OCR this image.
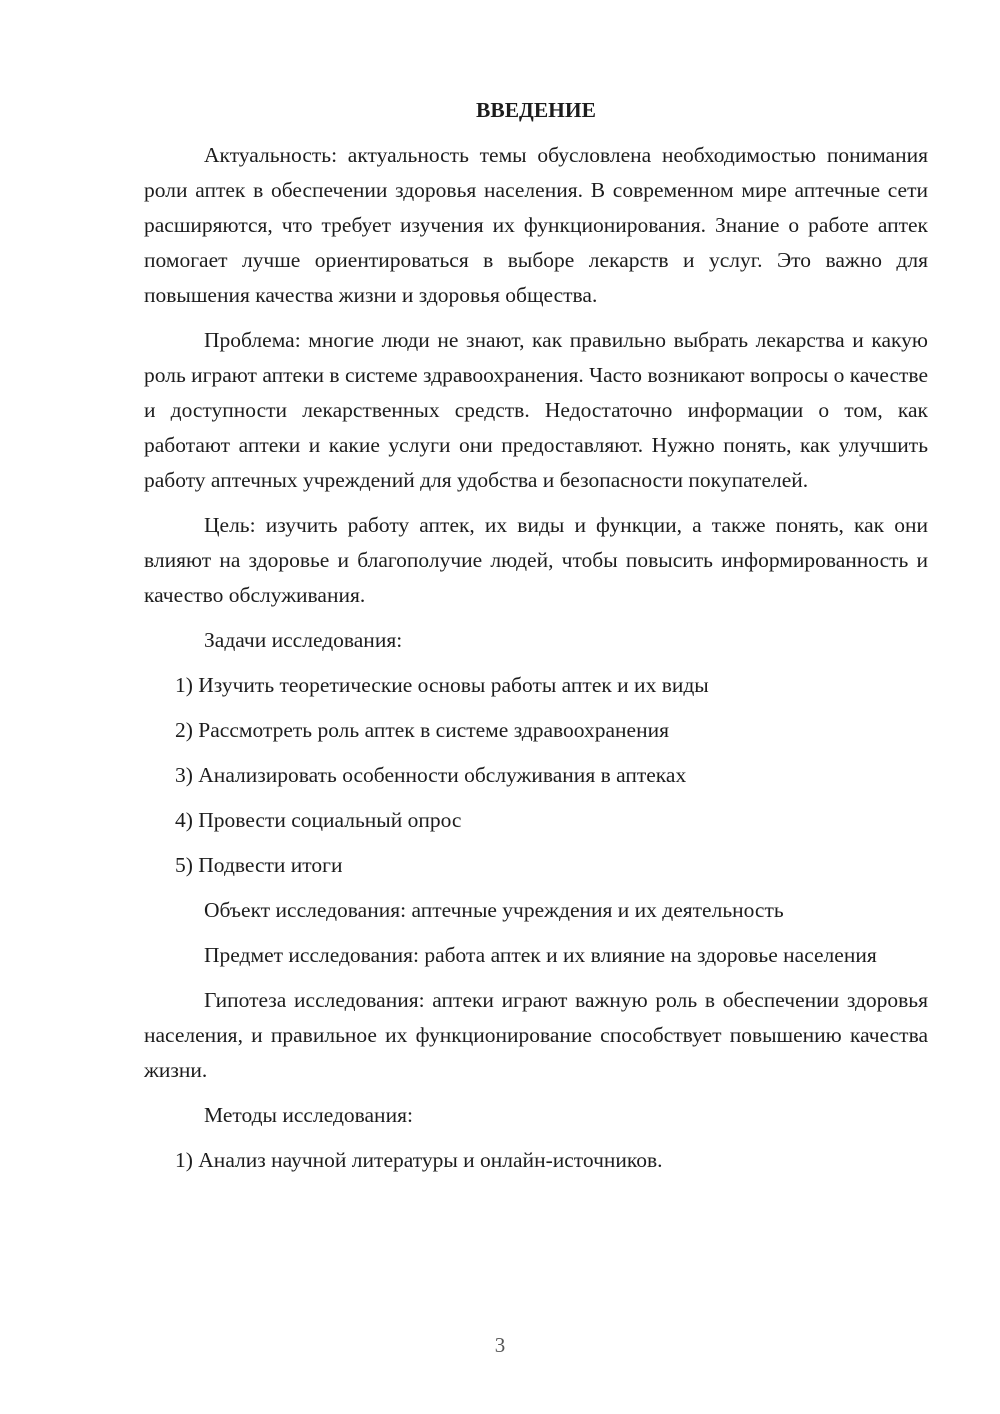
ВВЕДЕНИЕ
Актуальность: актуальность темы обусловлена необходимостью понимания роли аптек в обеспечении здоровья населения. В современном мире аптечные сети расширяются, что требует изучения их функционирования. Знание о работе аптек помогает лучше ориентироваться в выборе лекарств и услуг. Это важно для повышения качества жизни и здоровья общества.
Проблема: многие люди не знают, как правильно выбрать лекарства и какую роль играют аптеки в системе здравоохранения. Часто возникают вопросы о качестве и доступности лекарственных средств. Недостаточно информации о том, как работают аптеки и какие услуги они предоставляют. Нужно понять, как улучшить работу аптечных учреждений для удобства и безопасности покупателей.
Цель: изучить работу аптек, их виды и функции, а также понять, как они влияют на здоровье и благополучие людей, чтобы повысить информированность и качество обслуживания.
Задачи исследования:
1) Изучить теоретические основы работы аптек и их виды
2) Рассмотреть роль аптек в системе здравоохранения
3) Анализировать особенности обслуживания в аптеках
4) Провести социальный опрос
5) Подвести итоги
Объект исследования: аптечные учреждения и их деятельность
Предмет исследования: работа аптек и их влияние на здоровье населения
Гипотеза исследования: аптеки играют важную роль в обеспечении здоровья населения, и правильное их функционирование способствует повышению качества жизни.
Методы исследования:
1) Анализ научной литературы и онлайн-источников.
3
